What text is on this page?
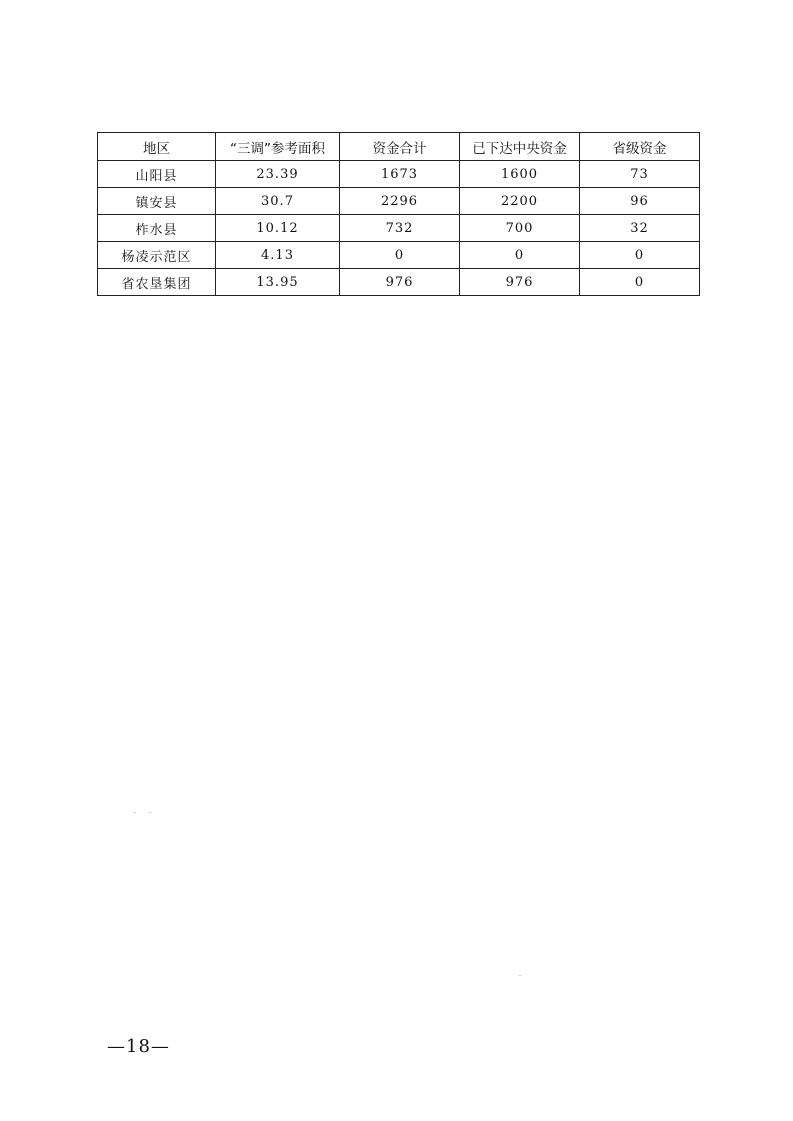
地区	“三调”参考面积	资金合计	已下达中央资金	省级资金
山阳县	23.39	1673	1600	73
镇安县	30.7	2296	2200	96
柞水县	10.12	732	700	32
杨凌示范区	4.13	0	0	0
省农垦集团	13.95	976	976	0
—18—
